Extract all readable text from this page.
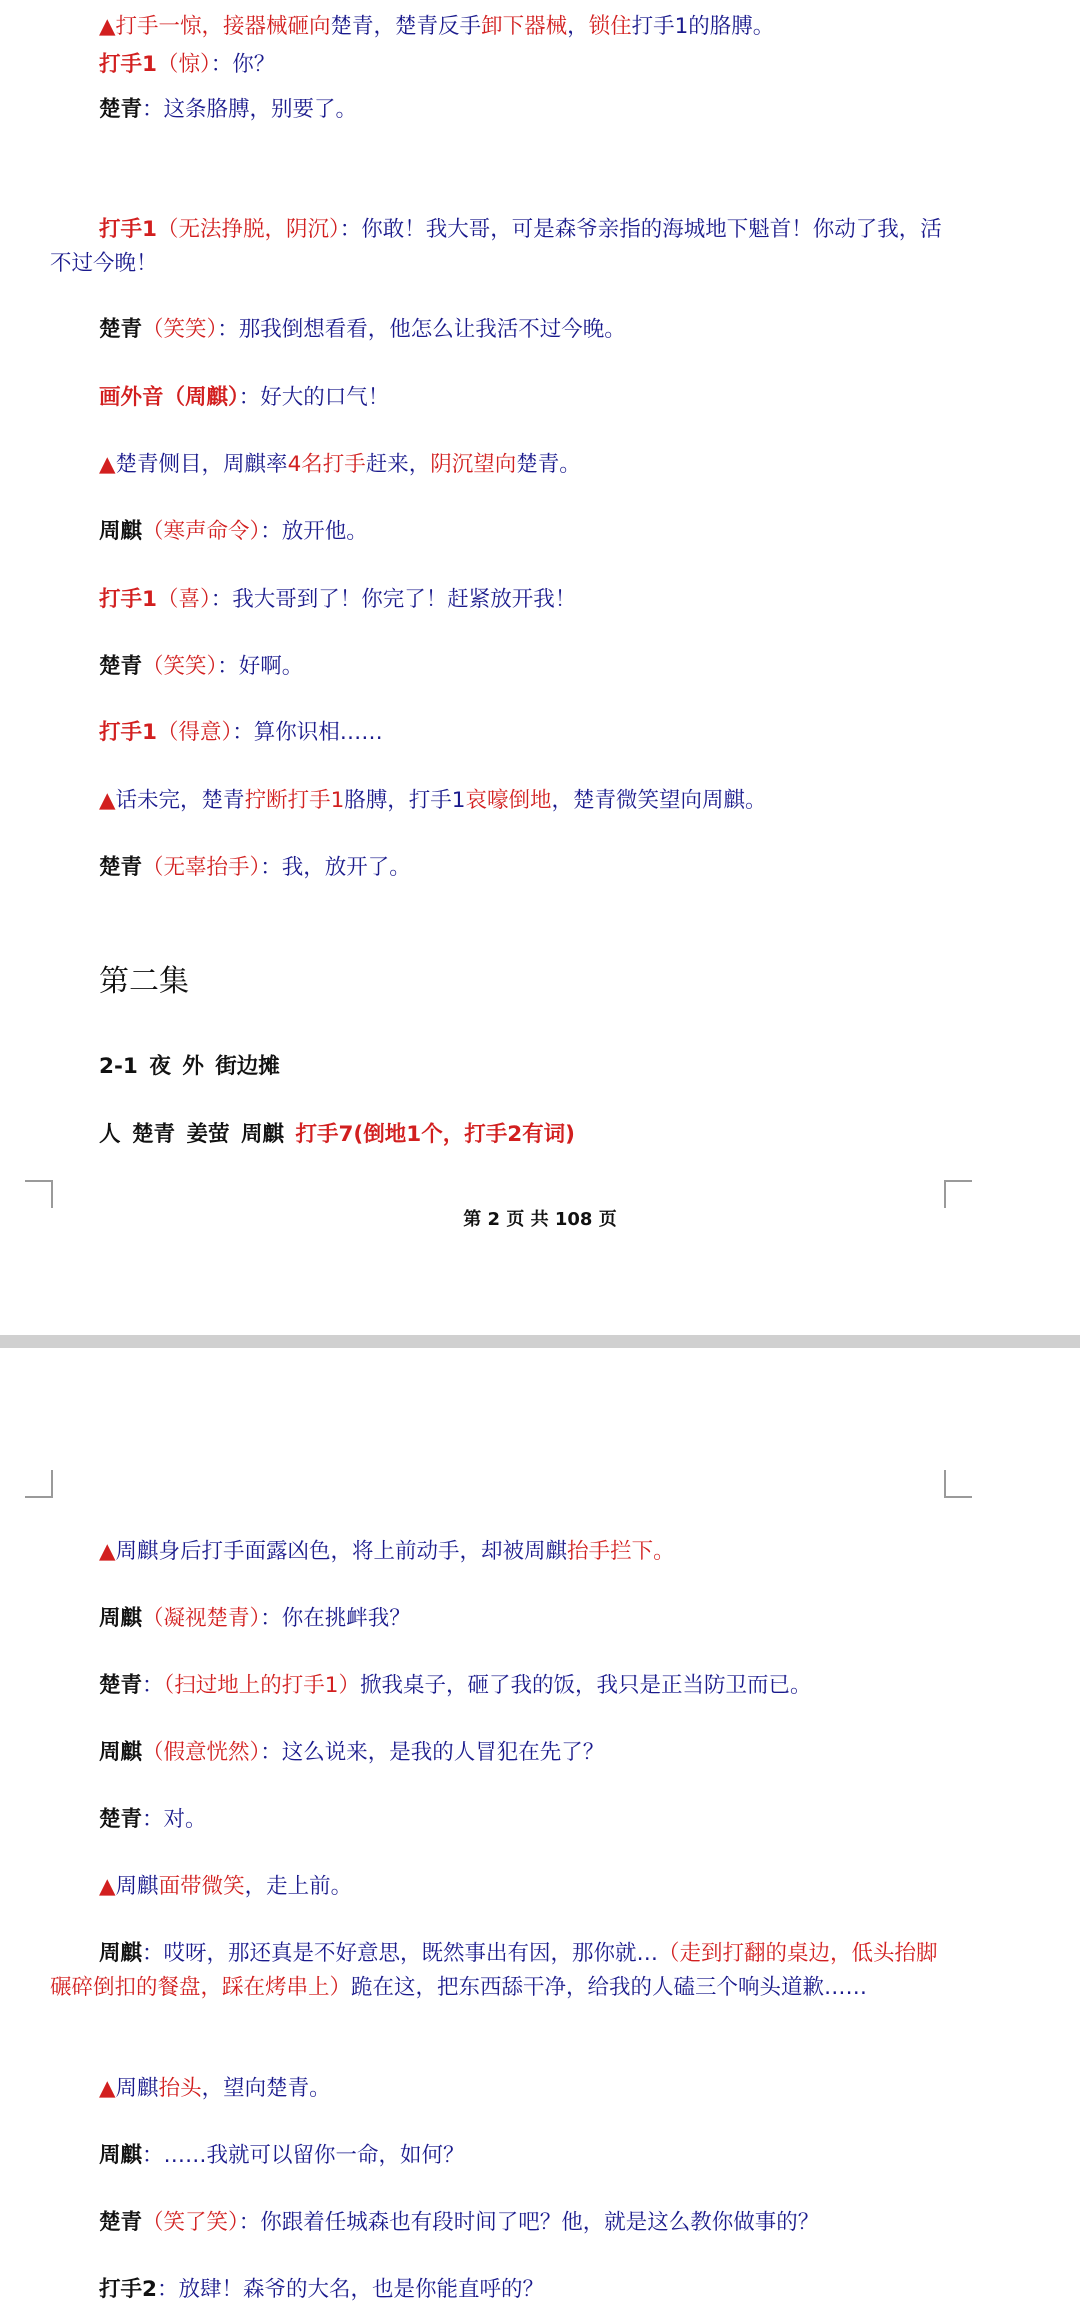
▲打手一惊，接器械砸向楚青，楚青反手卸下器械，锁住打手1的胳膊。
打手1（惊）：你？
楚青：这条胳膊，别要了。
打手1（无法挣脱，阴沉）：你敢！我大哥，可是森爷亲指的海城地下魁首！你动了我，活不过今晚！
楚青（笑笑）：那我倒想看看，他怎么让我活不过今晚。
画外音（周麒）：好大的口气！
▲楚青侧目，周麒率4名打手赶来，阴沉望向楚青。
周麒（寒声命令）：放开他。
打手1（喜）：我大哥到了！你完了！赶紧放开我！
楚青（笑笑）：好啊。
打手1（得意）：算你识相……
▲话未完，楚青拧断打手1胳膊，打手1哀嚎倒地，楚青微笑望向周麒。
楚青（无辜抬手）：我，放开了。
第二集
2-1 夜 外 街边摊
人 楚青 姜萤 周麒 打手7(倒地1个，打手2有词)
第 2 页 共 108 页
▲周麒身后打手面露凶色，将上前动手，却被周麒抬手拦下。
周麒（凝视楚青）：你在挑衅我？
楚青：（扫过地上的打手1）掀我桌子，砸了我的饭，我只是正当防卫而已。
周麒（假意恍然）：这么说来，是我的人冒犯在先了？
楚青：对。
▲周麒面带微笑，走上前。
周麒：哎呀，那还真是不好意思，既然事出有因，那你就…（走到打翻的桌边，低头抬脚碾碎倒扣的餐盘，踩在烤串上）跪在这，把东西舔干净，给我的人磕三个响头道歉……
▲周麒抬头，望向楚青。
周麒：……我就可以留你一命，如何？
楚青（笑了笑）：你跟着任城森也有段时间了吧？他，就是这么教你做事的？
打手2：放肆！森爷的大名，也是你能直呼的？
